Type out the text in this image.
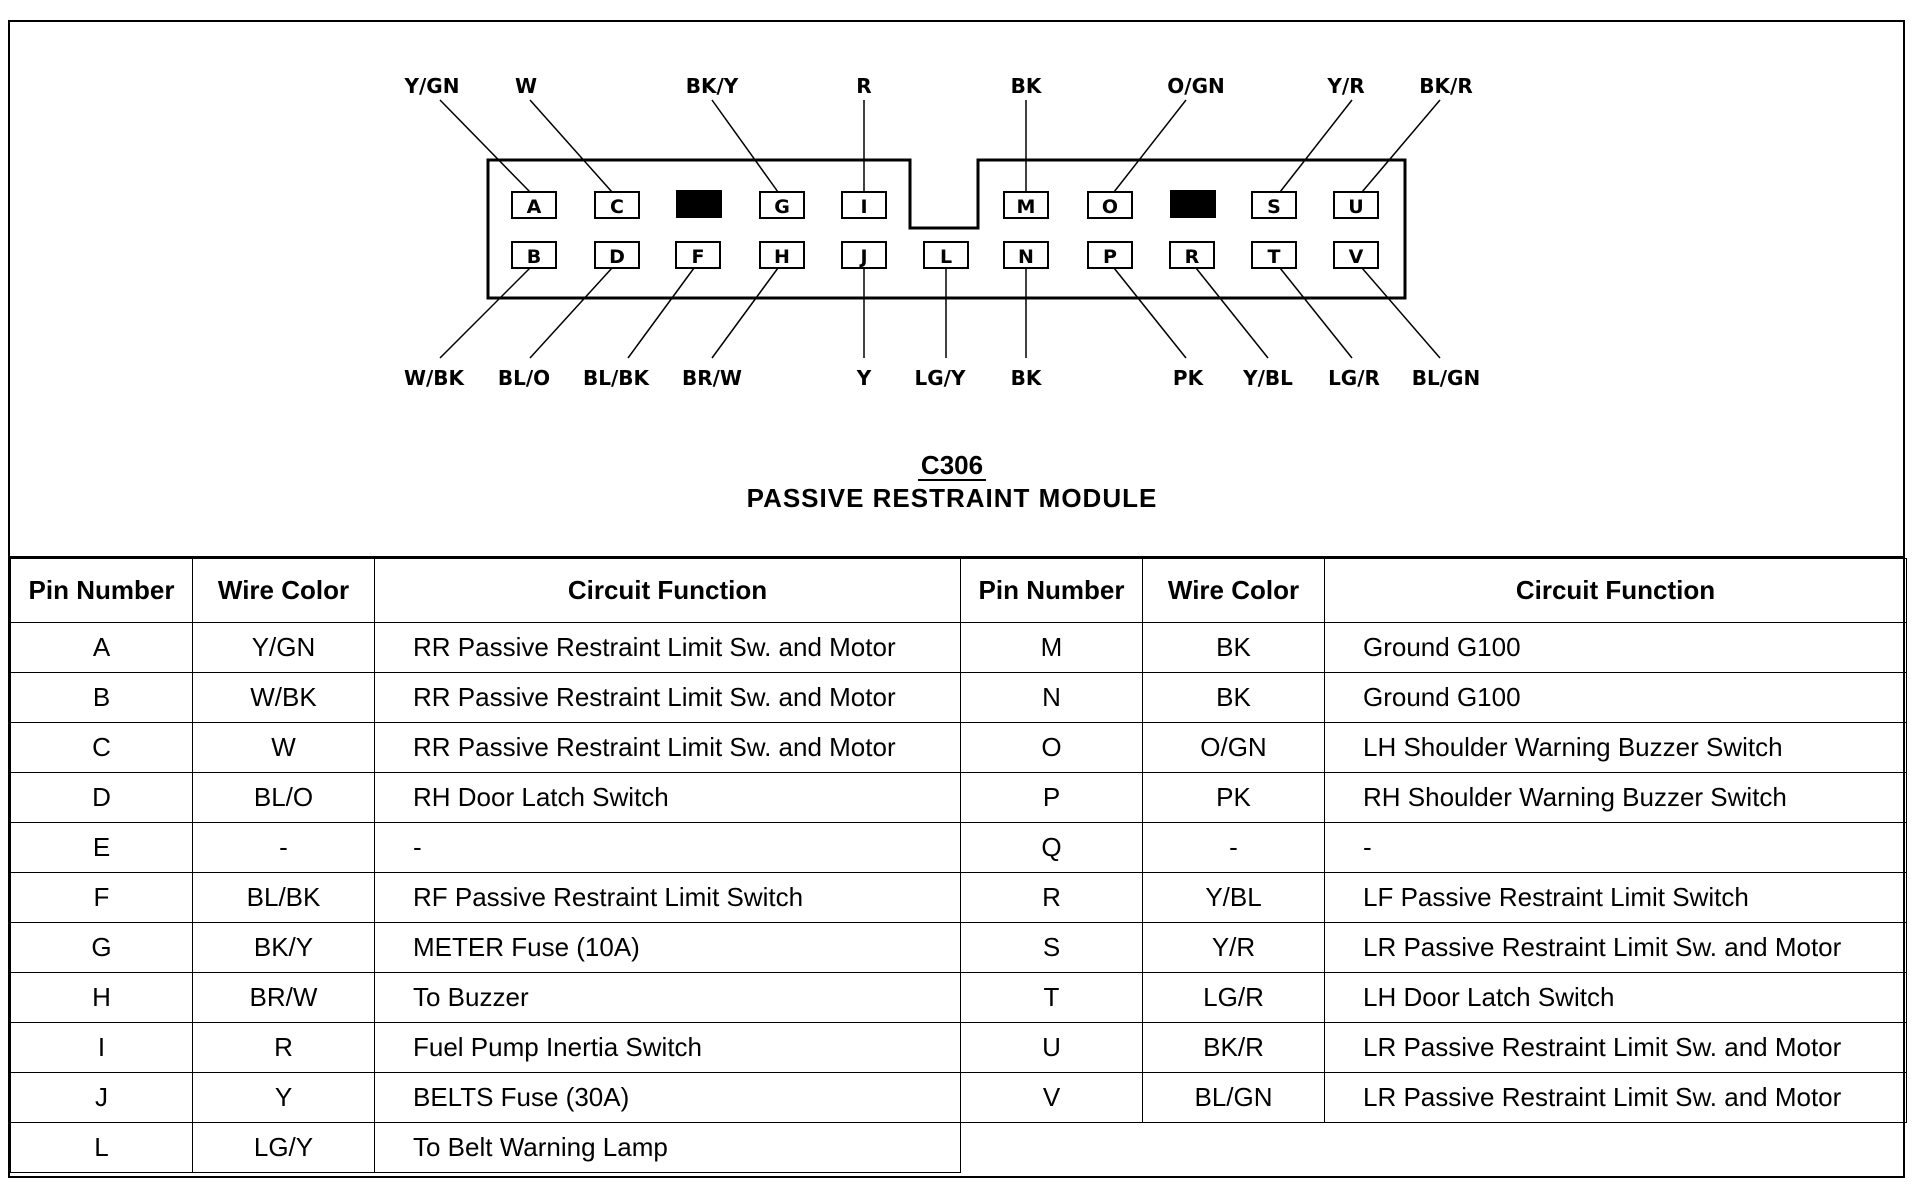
A	C	G	I	M	O	S	U
B	D	F	H	J	L	N	P	R	T	V
Y/GN	W	BK/Y	R	BK	O/GN	Y/R	BK/R
W/BK BL/O BL/BK BR/W	Y LG/Y BK	PK Y/BL LG/R BL/GN
C306
PASSIVE RESTRAINT MODULE
Pin Number	Wire Color	Circuit Function
A	Y/GN	RR Passive Restraint Limit Sw. and Motor
B	W/BK	RR Passive Restraint Limit Sw. and Motor
C	W	RR Passive Restraint Limit Sw. and Motor
D	BL/O	RH Door Latch Switch
E	-	-
F	BL/BK	RF Passive Restraint Limit Switch
G	BK/Y	METER Fuse (10A)
H	BR/W	To Buzzer
I	R	Fuel Pump Inertia Switch
J	Y	BELTS Fuse (30A)
L	LG/Y	To Belt Warning Lamp
Pin Number	Wire Color	Circuit Function
M	BK	Ground G100
N	BK	Ground G100
O	O/GN	LH Shoulder Warning Buzzer Switch
P	PK	RH Shoulder Warning Buzzer Switch
Q	-	-
R	Y/BL	LF Passive Restraint Limit Switch
S	Y/R	LR Passive Restraint Limit Sw. and Motor
T	LG/R	LH Door Latch Switch
U	BK/R	LR Passive Restraint Limit Sw. and Motor
V	BL/GN	LR Passive Restraint Limit Sw. and Motor
